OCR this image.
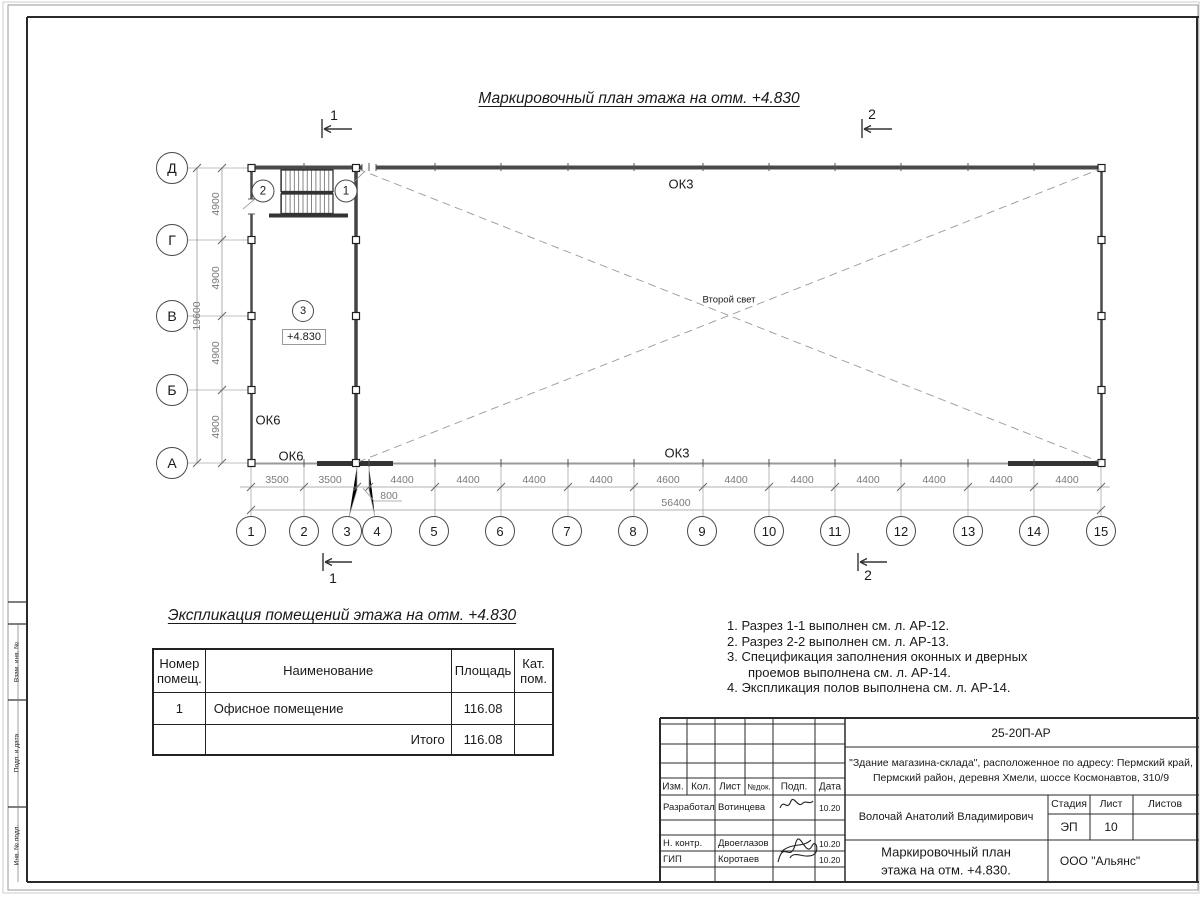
Маркировочный план этажа на отм. +4.830
Экспликация помещений этажа на отм. +4.830
1. Разрез 1-1 выполнен см. л. АР-12.
2. Разрез 2-2 выполнен см. л. АР-13.
3. Спецификация заполнения оконных и дверных проемов выполнена см. л. АР-14.
4. Экспликация полов выполнена см. л. АР-14.
Взам. инв. №
Подп. и дата
Инв. № подл.
25-20П-АР
"Здание магазина-склада", расположенное по адресу: Пермский край,
Пермский район, деревня Хмели, шоссе Космонавтов, 310/9
Изм. Кол. Лист №док. Подп. Дата
Разработал Вотинцева	10.20
Н. контр. Двоеглазов	10.20
ГИП	Коротаев	10.20
Волочай Анатолий Владимирович
Стадия Лист Листов
ЭП 10
Маркировочный план
этажа на отм. +4.830.
ООО "Альянс"
Номер помещ.	Наименование	Площадь	Кат. пом.
1	Офисное помещение	116.08	
	Итого	116.08	
Д
Г
В
Б
А
1	2	3	4	5	6	7	8	9	10	11	12	13	14	15
4900
4900
4900
4900
19600
3500	3500	4400	4400	4400	4400	4600	4400	4400	4400	4400	4400	4400
800
56400
ОК3
ОК3
ОК6
ОК6
Второй свет
3
+4.830
1
2
1	2
1	2
